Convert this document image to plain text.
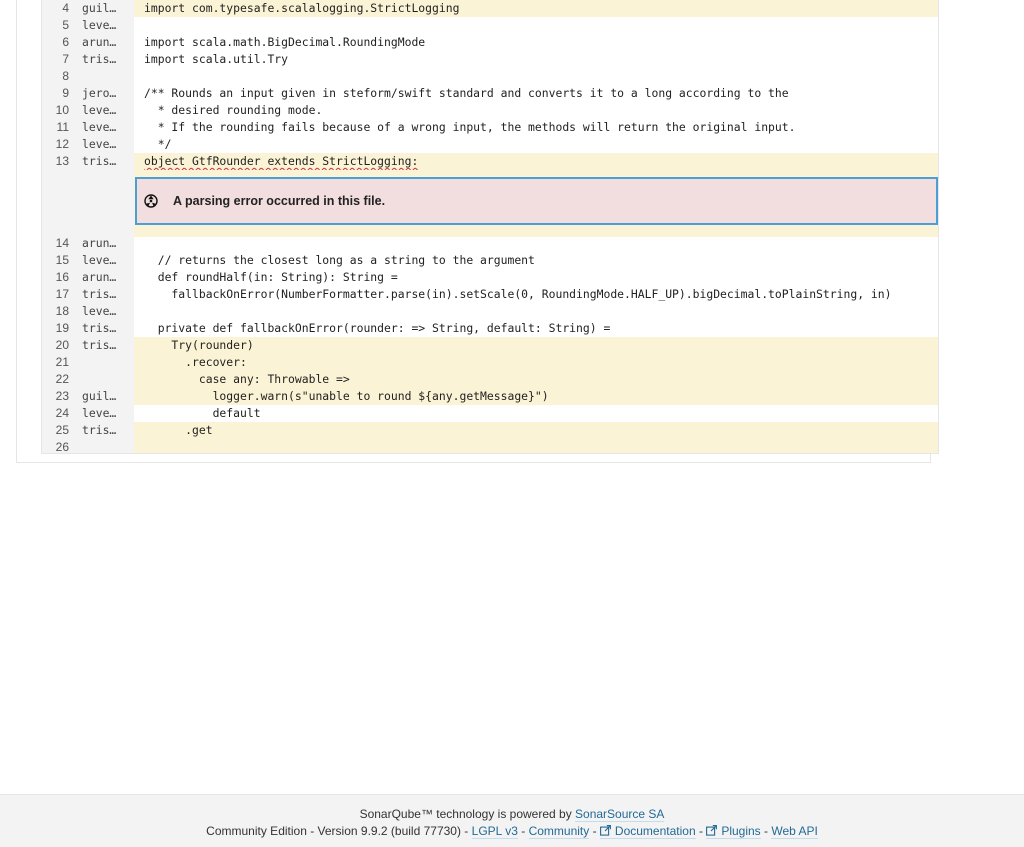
4 guil…	import com.typesafe.scalalogging.StrictLogging
5 leve…
6 arun…	import scala.math.BigDecimal.RoundingMode
7 tris…	import scala.util.Try
8
9 jero…	/** Rounds an input given in steform/swift standard and converts it to a long according to the
10 leve…	* desired rounding mode.
11 leve…	* If the rounding fails because of a wrong input, the methods will return the original input.
12 leve…	*/
13 tris…	object GtfRounder extends StrictLogging:
A parsing error occurred in this file.
14 arun…
15 leve…	// returns the closest long as a string to the argument
16 arun…	def roundHalf(in: String): String =
17 tris…	fallbackOnError(NumberFormatter.parse(in).setScale(0, RoundingMode.HALF_UP).bigDecimal.toPlainString, in)
18 leve…
19 tris…	private def fallbackOnError(rounder: => String, default: String) =
20 tris…	Try(rounder)
21	.recover:
22	case any: Throwable =>
23 guil…	logger.warn(s"unable to round ${any.getMessage}")
24 leve…	default
25 tris…	.get
26
SonarQube™ technology is powered by SonarSource SA
Community Edition - Version 9.9.2 (build 77730) - LGPL v3 - Community - Documentation - Plugins - Web API
